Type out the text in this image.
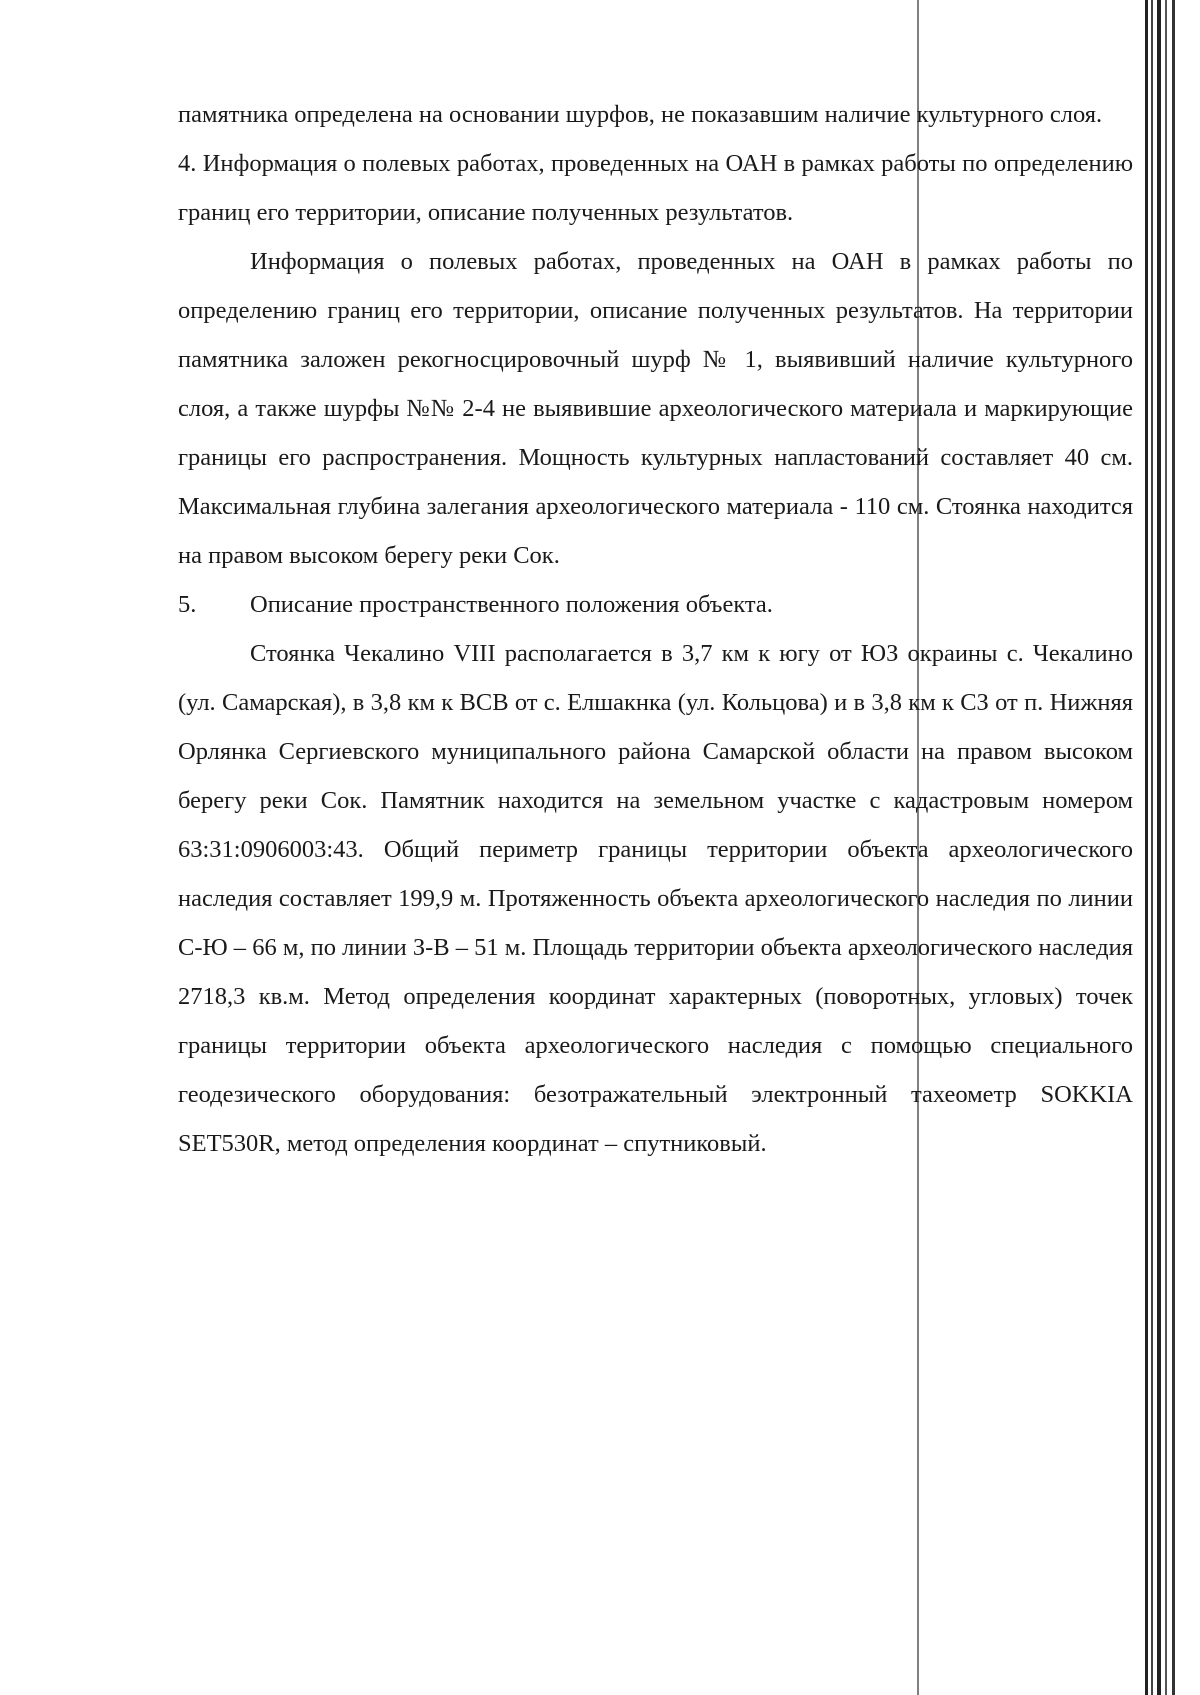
памятника определена на основании шурфов, не показавшим наличие культурного слоя.

4. Информация о полевых работах, проведенных на ОАН в рамках работы по определению границ его территории, описание полученных результатов.

Информация о полевых работах, проведенных на ОАН в рамках работы по определению границ его территории, описание полученных результатов. На территории памятника заложен рекогносцировочный шурф № 1, выявивший наличие культурного слоя, а также шурфы №№ 2-4 не выявившие археологического материала и маркирующие границы его распространения. Мощность культурных напластований составляет 40 см. Максимальная глубина залегания археологического материала - 110 см. Стоянка находится на правом высоком берегу реки Сок.

5.	Описание пространственного положения объекта.

Стоянка Чекалино VIII располагается в 3,7 км к югу от ЮЗ окраины с. Чекалино (ул. Самарская), в 3,8 км к ВСВ от с. Елшакнка (ул. Кольцова) и в 3,8 км к СЗ от п. Нижняя Орлянка Сергиевского муниципального района Самарской области на правом высоком берегу реки Сок. Памятник находится на земельном участке с кадастровым номером 63:31:0906003:43. Общий периметр границы территории объекта археологического наследия составляет 199,9 м. Протяженность объекта археологического наследия по линии С-Ю – 66 м, по линии З-В – 51 м. Площадь территории объекта археологического наследия 2718,3 кв.м. Метод определения координат характерных (поворотных, угловых) точек границы территории объекта археологического наследия с помощью специального геодезического оборудования: безотражательный электронный тахеометр SOKKIA SET530R, метод определения координат – спутниковый.
